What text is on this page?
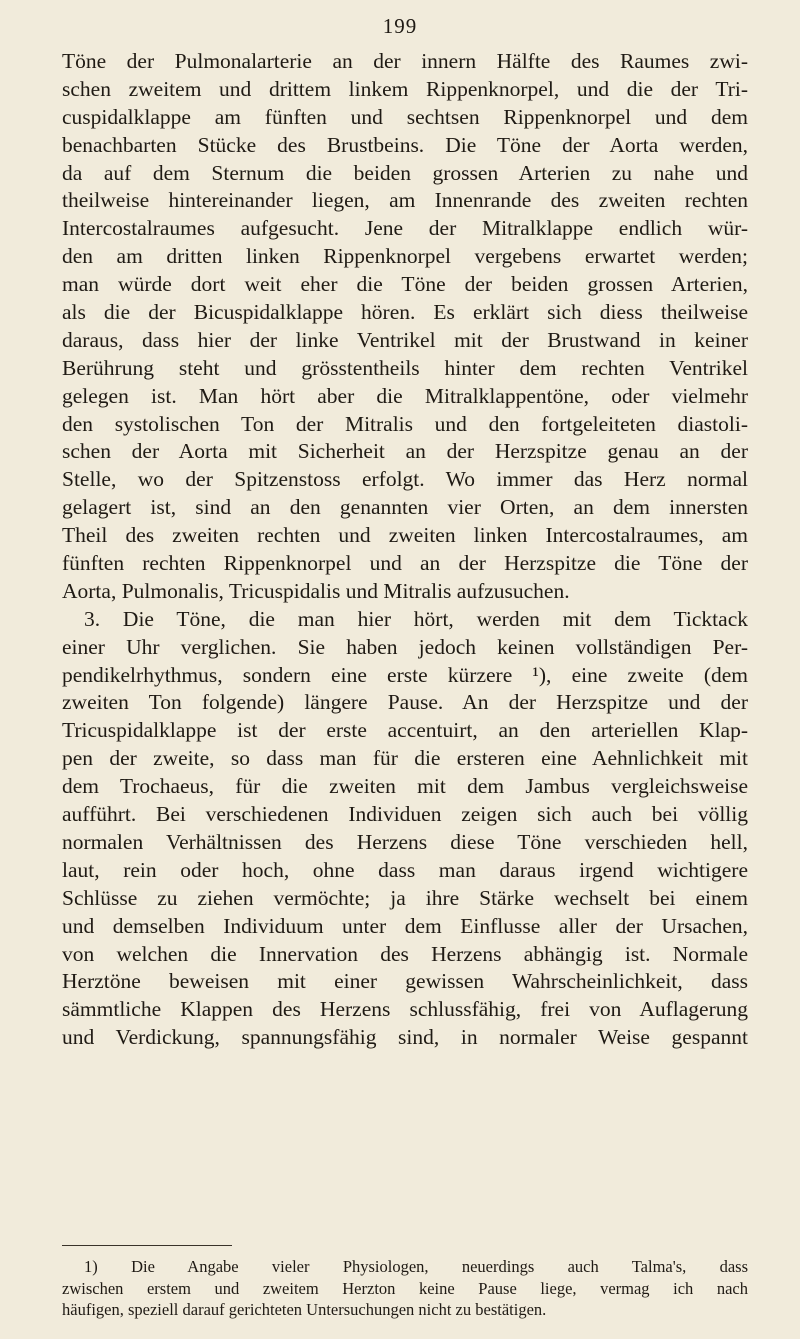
199
Töne der Pulmonalarterie an der innern Hälfte des Raumes zwi-
schen zweitem und drittem linkem Rippenknorpel, und die der Tri-
cuspidalklappe am fünften und sechtsen Rippenknorpel und dem
benachbarten Stücke des Brustbeins. Die Töne der Aorta werden,
da auf dem Sternum die beiden grossen Arterien zu nahe und
theilweise hintereinander liegen, am Innenrande des zweiten rechten
Intercostalraumes aufgesucht. Jene der Mitralklappe endlich wür-
den am dritten linken Rippenknorpel vergebens erwartet werden;
man würde dort weit eher die Töne der beiden grossen Arterien,
als die der Bicuspidalklappe hören. Es erklärt sich diess theilweise
daraus, dass hier der linke Ventrikel mit der Brustwand in keiner
Berührung steht und grösstentheils hinter dem rechten Ventrikel
gelegen ist. Man hört aber die Mitralklappentöne, oder vielmehr
den systolischen Ton der Mitralis und den fortgeleiteten diastoli-
schen der Aorta mit Sicherheit an der Herzspitze genau an der
Stelle, wo der Spitzenstoss erfolgt. Wo immer das Herz normal
gelagert ist, sind an den genannten vier Orten, an dem innersten
Theil des zweiten rechten und zweiten linken Intercostalraumes, am
fünften rechten Rippenknorpel und an der Herzspitze die Töne der
Aorta, Pulmonalis, Tricuspidalis und Mitralis aufzusuchen.
3. Die Töne, die man hier hört, werden mit dem Ticktack
einer Uhr verglichen. Sie haben jedoch keinen vollständigen Per-
pendikelrhythmus, sondern eine erste kürzere ¹), eine zweite (dem
zweiten Ton folgende) längere Pause. An der Herzspitze und der
Tricuspidalklappe ist der erste accentuirt, an den arteriellen Klap-
pen der zweite, so dass man für die ersteren eine Aehnlichkeit mit
dem Trochaeus, für die zweiten mit dem Jambus vergleichsweise
aufführt. Bei verschiedenen Individuen zeigen sich auch bei völlig
normalen Verhältnissen des Herzens diese Töne verschieden hell,
laut, rein oder hoch, ohne dass man daraus irgend wichtigere
Schlüsse zu ziehen vermöchte; ja ihre Stärke wechselt bei einem
und demselben Individuum unter dem Einflusse aller der Ursachen,
von welchen die Innervation des Herzens abhängig ist. Normale
Herztöne beweisen mit einer gewissen Wahrscheinlichkeit, dass
sämmtliche Klappen des Herzens schlussfähig, frei von Auflagerung
und Verdickung, spannungsfähig sind, in normaler Weise gespannt
1) Die Angabe vieler Physiologen, neuerdings auch Talma's, dass
zwischen erstem und zweitem Herzton keine Pause liege, vermag ich nach
häufigen, speziell darauf gerichteten Untersuchungen nicht zu bestätigen.
